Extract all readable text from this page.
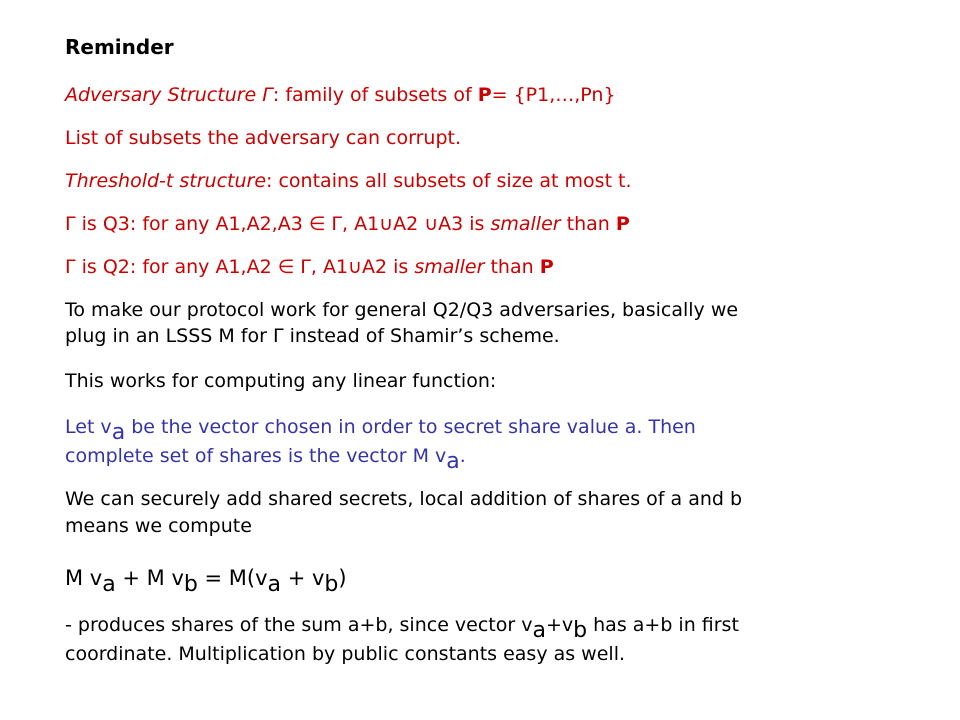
Reminder
Adversary Structure Γ: family of subsets of P= {P1,…,Pn}
List of subsets the adversary can corrupt.
Threshold-t structure: contains all subsets of size at most t.
Γ is Q3: for any A1,A2,A3 ∈ Γ, A1∪A2 ∪A3 is smaller than P
Γ is Q2: for any A1,A2 ∈ Γ, A1∪A2 is smaller than P
To make our protocol work for general Q2/Q3 adversaries, basically we
plug in an LSSS M for Γ instead of Shamir’s scheme.
This works for computing any linear function:
Let $v_a$ be the vector chosen in order to secret share value a. Then
complete set of shares is the vector M $v_a$.
We can securely add shared secrets, local addition of shares of a and b
means we compute
M $v_a + M$ $v_b = M(v_a + v_b)$
- produces shares of the sum a+b, since vector $v_a+v_b$ has a+b in first
coordinate. Multiplication by public constants easy as well.
